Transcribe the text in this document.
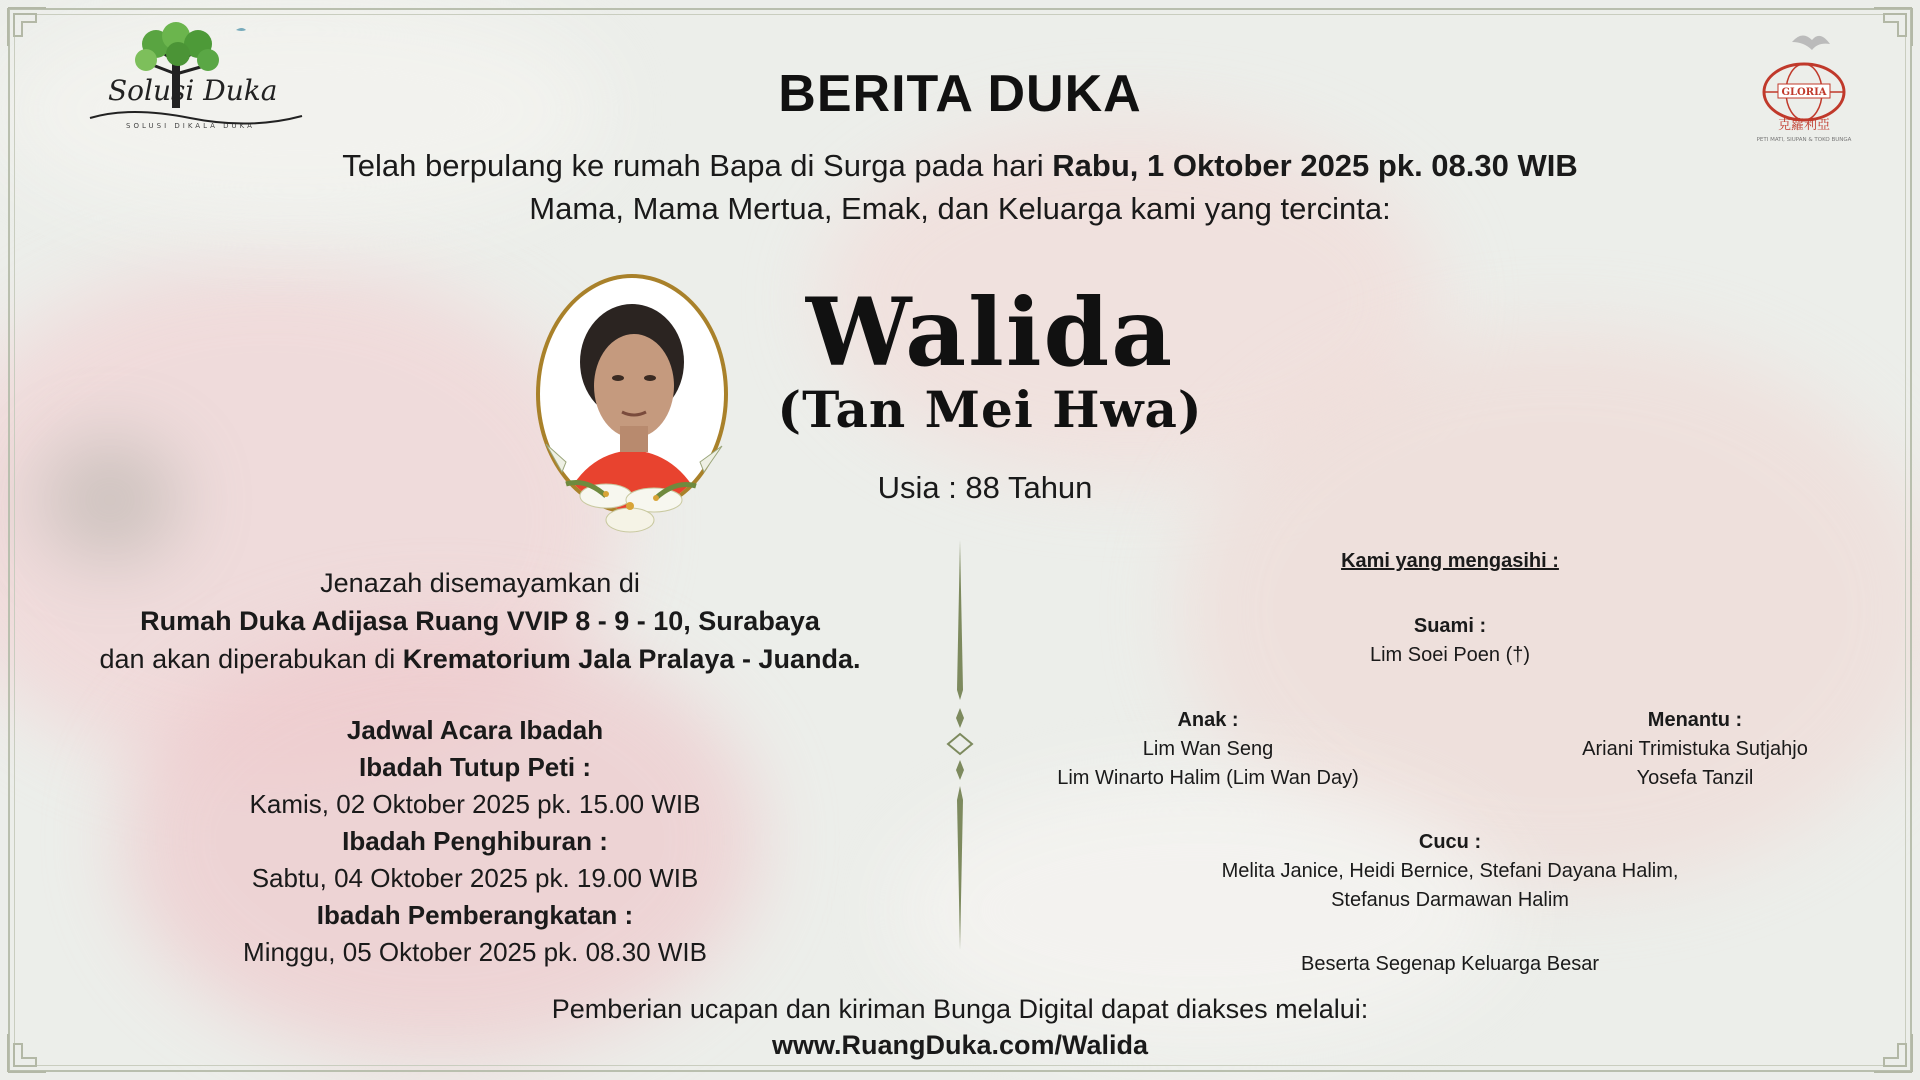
Solusi Duka
SOLUSI DIKALA DUKA
GLORIA
克蘿利亞
PETI MATI, SIUPAN & TOKO BUNGA
BERITA DUKA
Telah berpulang ke rumah Bapa di Surga pada hari Rabu, 1 Oktober 2025 pk. 08.30 WIB
Mama, Mama Mertua, Emak, dan Keluarga kami yang tercinta:
Walida
(Tan Mei Hwa)
Usia : 88 Tahun
Jenazah disemayamkan di
Rumah Duka Adijasa Ruang VVIP 8 - 9 - 10, Surabaya
dan akan diperabukan di Krematorium Jala Pralaya - Juanda.
Jadwal Acara Ibadah
Ibadah Tutup Peti :
Kamis, 02 Oktober 2025 pk. 15.00 WIB
Ibadah Penghiburan :
Sabtu, 04 Oktober 2025 pk. 19.00 WIB
Ibadah Pemberangkatan :
Minggu, 05 Oktober 2025 pk. 08.30 WIB
Kami yang mengasihi :
Suami :
Lim Soei Poen (†)
Anak :
Lim Wan Seng
Lim Winarto Halim (Lim Wan Day)
Menantu :
Ariani Trimistuka Sutjahjo
Yosefa Tanzil
Cucu :
Melita Janice, Heidi Bernice, Stefani Dayana Halim,
Stefanus Darmawan Halim
Beserta Segenap Keluarga Besar
Pemberian ucapan dan kiriman Bunga Digital dapat diakses melalui:
www.RuangDuka.com/Walida
